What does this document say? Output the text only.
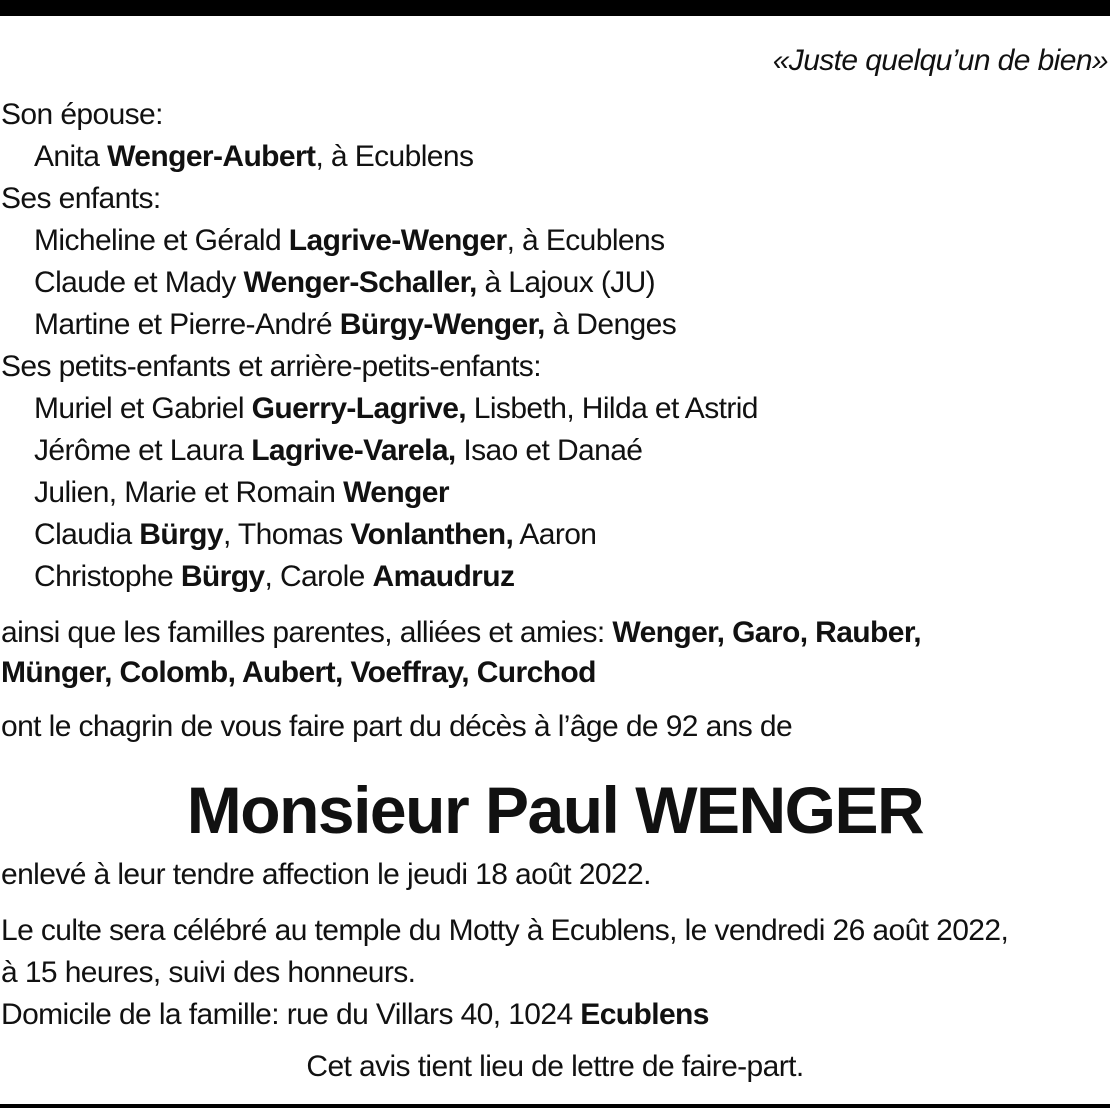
«Juste quelqu’un de bien»
Son épouse:
Anita Wenger-Aubert, à Ecublens
Ses enfants:
Micheline et Gérald Lagrive-Wenger, à Ecublens
Claude et Mady Wenger-Schaller, à Lajoux (JU)
Martine et Pierre-André Bürgy-Wenger, à Denges
Ses petits-enfants et arrière-petits-enfants:
Muriel et Gabriel Guerry-Lagrive, Lisbeth, Hilda et Astrid
Jérôme et Laura Lagrive-Varela, Isao et Danaé
Julien, Marie et Romain Wenger
Claudia Bürgy, Thomas Vonlanthen, Aaron
Christophe Bürgy, Carole Amaudruz
ainsi que les familles parentes, alliées et amies: Wenger, Garo, Rauber,
Münger, Colomb, Aubert, Voeffray, Curchod
ont le chagrin de vous faire part du décès à l’âge de 92 ans de
Monsieur Paul WENGER
enlevé à leur tendre affection le jeudi 18 août 2022.
Le culte sera célébré au temple du Motty à Ecublens, le vendredi 26 août 2022,
à 15 heures, suivi des honneurs.
Domicile de la famille: rue du Villars 40, 1024 Ecublens
Cet avis tient lieu de lettre de faire-part.
